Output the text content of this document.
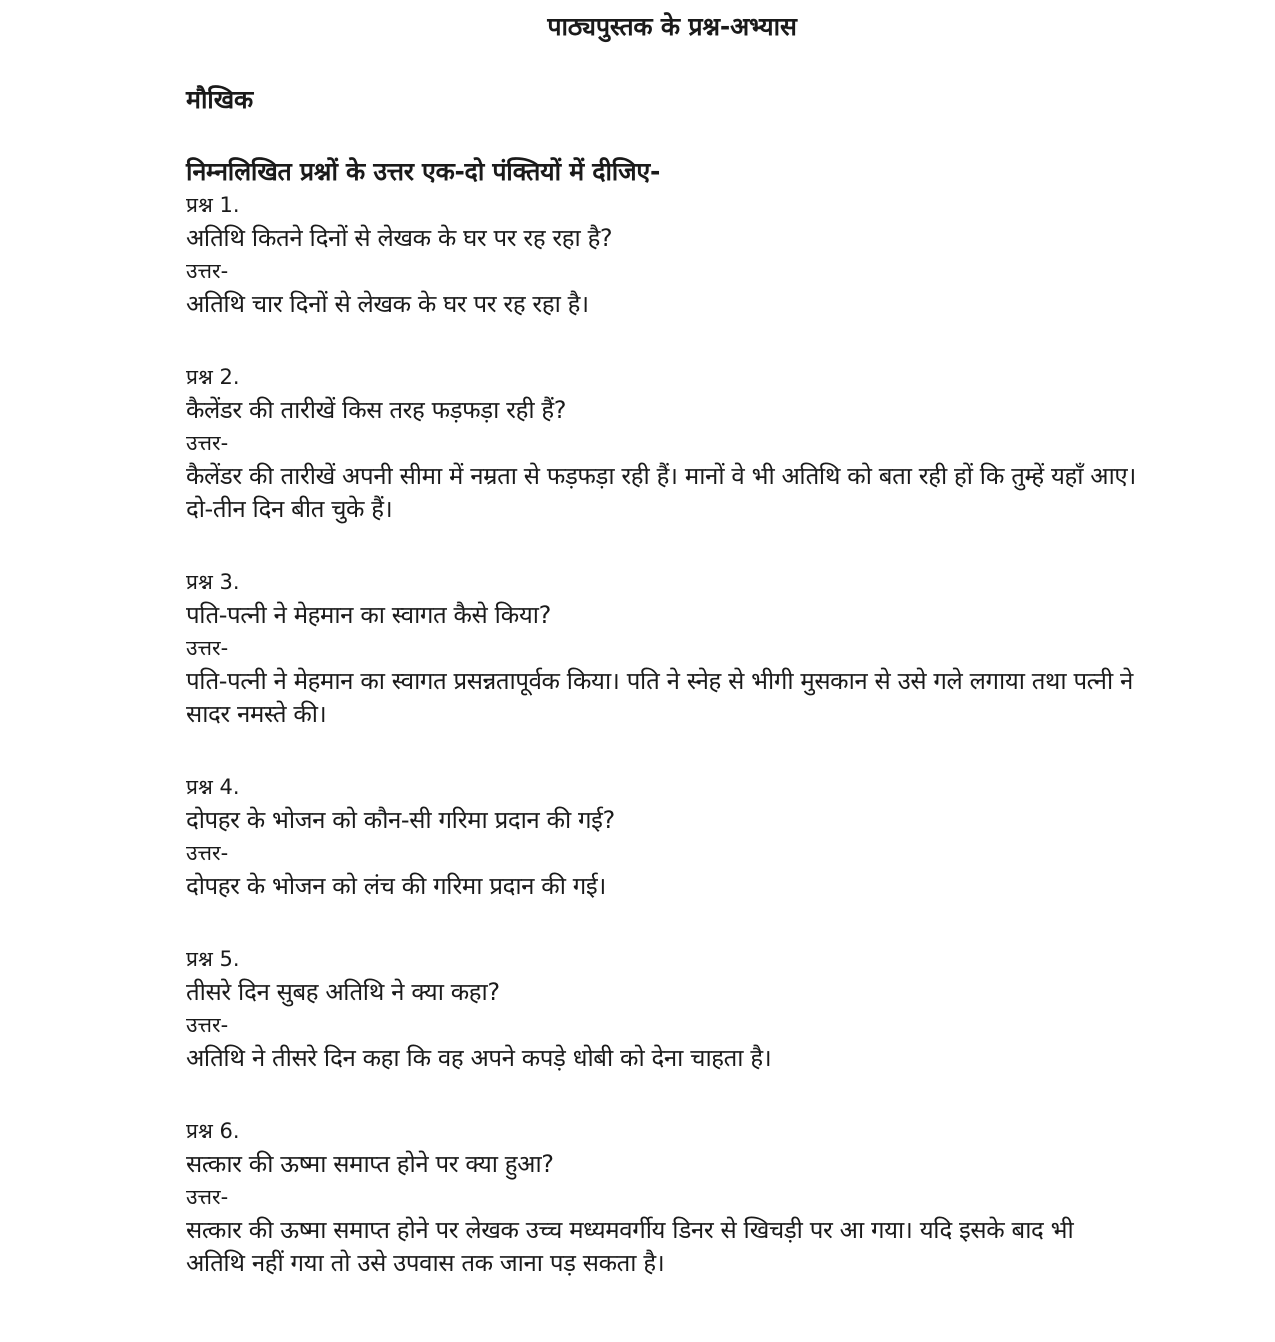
पाठ्यपुस्तक के प्रश्न-अभ्यास
मौखिक
निम्नलिखित प्रश्नों के उत्तर एक-दो पंक्तियों में दीजिए-
प्रश्न 1.
अतिथि कितने दिनों से लेखक के घर पर रह रहा है?
उत्तर-
अतिथि चार दिनों से लेखक के घर पर रह रहा है।
प्रश्न 2.
कैलेंडर की तारीखें किस तरह फड़फड़ा रही हैं?
उत्तर-
कैलेंडर की तारीखें अपनी सीमा में नम्रता से फड़फड़ा रही हैं। मानों वे भी अतिथि को बता रही हों कि तुम्हें यहाँ आए। दो-तीन दिन बीत चुके हैं।
प्रश्न 3.
पति-पत्नी ने मेहमान का स्वागत कैसे किया?
उत्तर-
पति-पत्नी ने मेहमान का स्वागत प्रसन्नतापूर्वक किया। पति ने स्नेह से भीगी मुसकान से उसे गले लगाया तथा पत्नी ने सादर नमस्ते की।
प्रश्न 4.
दोपहर के भोजन को कौन-सी गरिमा प्रदान की गई?
उत्तर-
दोपहर के भोजन को लंच की गरिमा प्रदान की गई।
प्रश्न 5.
तीसरे दिन सुबह अतिथि ने क्या कहा?
उत्तर-
अतिथि ने तीसरे दिन कहा कि वह अपने कपड़े धोबी को देना चाहता है।
प्रश्न 6.
सत्कार की ऊष्मा समाप्त होने पर क्या हुआ?
उत्तर-
सत्कार की ऊष्मा समाप्त होने पर लेखक उच्च मध्यमवर्गीय डिनर से खिचड़ी पर आ गया। यदि इसके बाद भी अतिथि नहीं गया तो उसे उपवास तक जाना पड़ सकता है।
